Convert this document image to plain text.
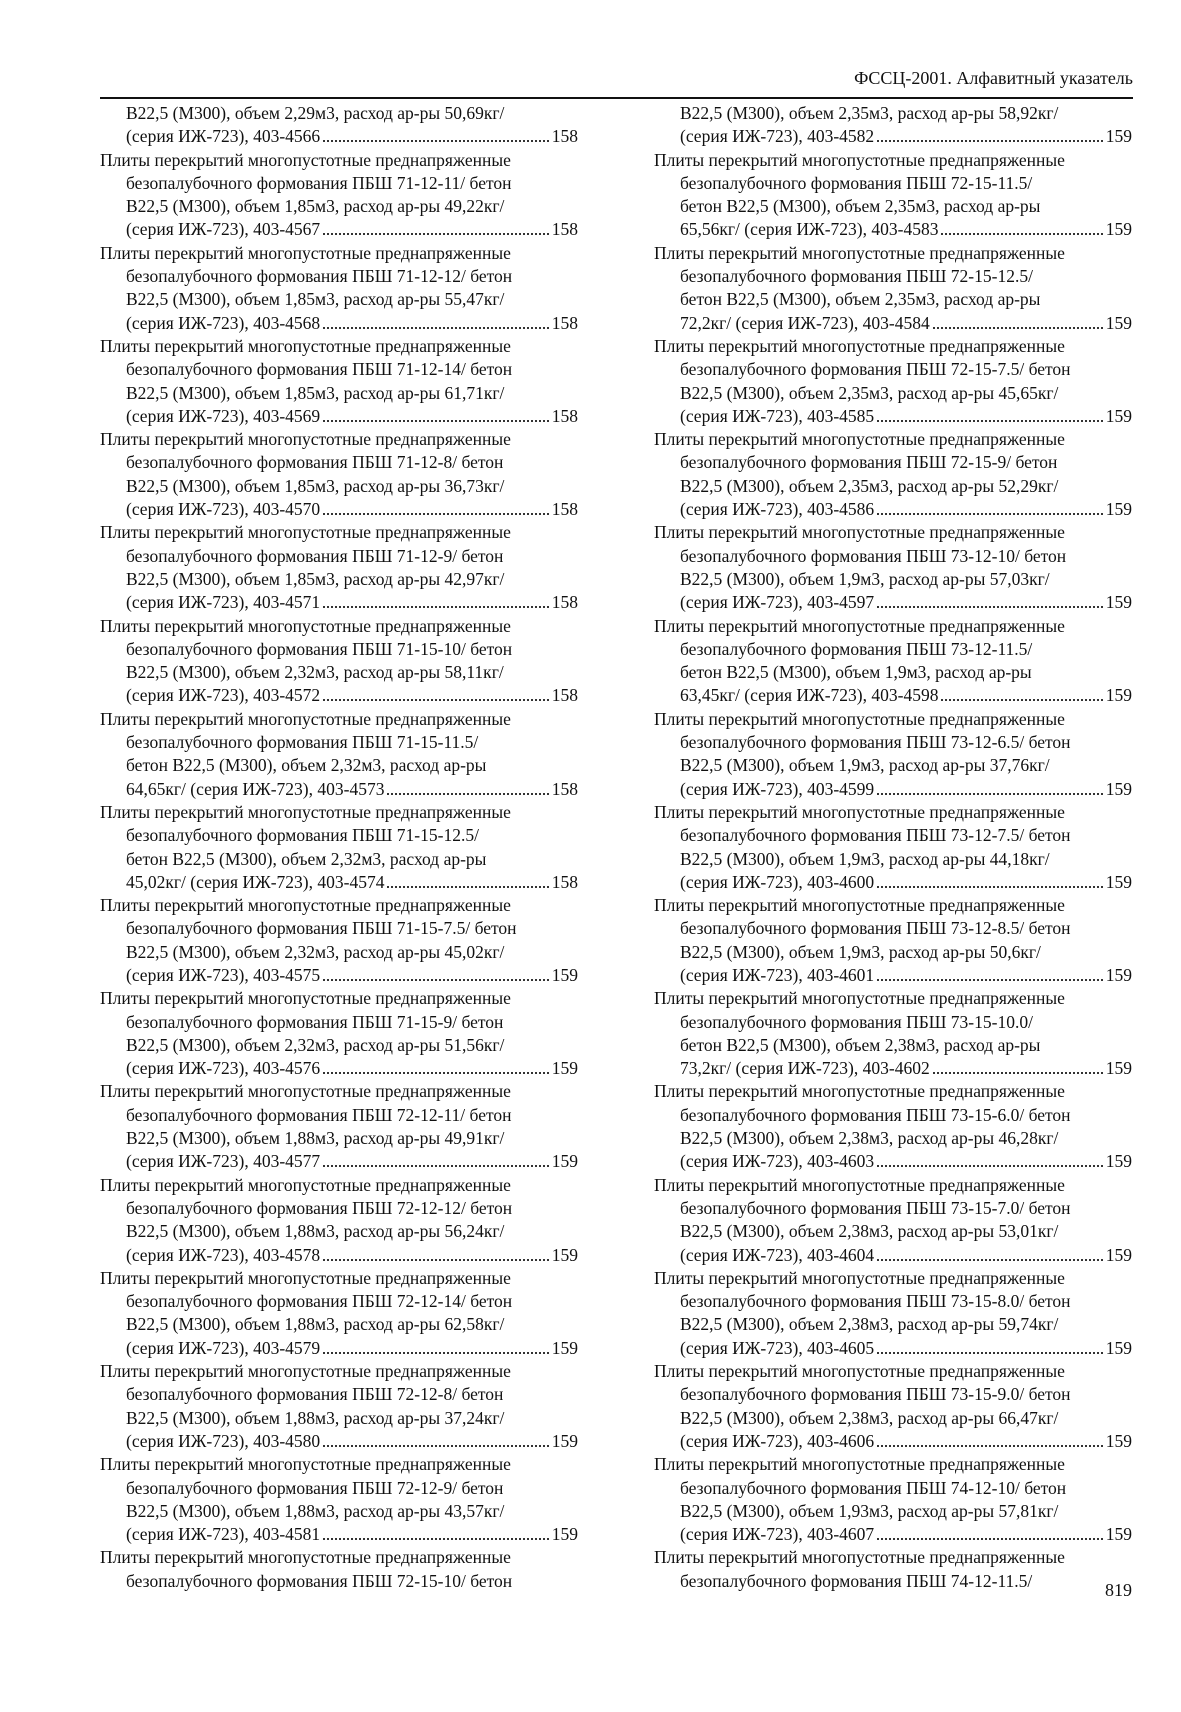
ФССЦ-2001. Алфавитный указатель
В22,5 (М300), объем 2,29м3, расход ар-ры 50,69кг/
(серия ИЖ-723), 403-4566	158
Плиты перекрытий многопустотные преднапряженные
безопалубочного формования ПБШ 71-12-11/ бетон
В22,5 (М300), объем 1,85м3, расход ар-ры 49,22кг/
(серия ИЖ-723), 403-4567	158
Плиты перекрытий многопустотные преднапряженные
безопалубочного формования ПБШ 71-12-12/ бетон
В22,5 (М300), объем 1,85м3, расход ар-ры 55,47кг/
(серия ИЖ-723), 403-4568	158
Плиты перекрытий многопустотные преднапряженные
безопалубочного формования ПБШ 71-12-14/ бетон
В22,5 (М300), объем 1,85м3, расход ар-ры 61,71кг/
(серия ИЖ-723), 403-4569	158
Плиты перекрытий многопустотные преднапряженные
безопалубочного формования ПБШ 71-12-8/ бетон
В22,5 (М300), объем 1,85м3, расход ар-ры 36,73кг/
(серия ИЖ-723), 403-4570	158
Плиты перекрытий многопустотные преднапряженные
безопалубочного формования ПБШ 71-12-9/ бетон
В22,5 (М300), объем 1,85м3, расход ар-ры 42,97кг/
(серия ИЖ-723), 403-4571	158
Плиты перекрытий многопустотные преднапряженные
безопалубочного формования ПБШ 71-15-10/ бетон
В22,5 (М300), объем 2,32м3, расход ар-ры 58,11кг/
(серия ИЖ-723), 403-4572	158
Плиты перекрытий многопустотные преднапряженные
безопалубочного формования ПБШ 71-15-11.5/
бетон В22,5 (М300), объем 2,32м3, расход ар-ры
64,65кг/ (серия ИЖ-723), 403-4573	158
Плиты перекрытий многопустотные преднапряженные
безопалубочного формования ПБШ 71-15-12.5/
бетон В22,5 (М300), объем 2,32м3, расход ар-ры
45,02кг/ (серия ИЖ-723), 403-4574	158
Плиты перекрытий многопустотные преднапряженные
безопалубочного формования ПБШ 71-15-7.5/ бетон
В22,5 (М300), объем 2,32м3, расход ар-ры 45,02кг/
(серия ИЖ-723), 403-4575	159
Плиты перекрытий многопустотные преднапряженные
безопалубочного формования ПБШ 71-15-9/ бетон
В22,5 (М300), объем 2,32м3, расход ар-ры 51,56кг/
(серия ИЖ-723), 403-4576	159
Плиты перекрытий многопустотные преднапряженные
безопалубочного формования ПБШ 72-12-11/ бетон
В22,5 (М300), объем 1,88м3, расход ар-ры 49,91кг/
(серия ИЖ-723), 403-4577	159
Плиты перекрытий многопустотные преднапряженные
безопалубочного формования ПБШ 72-12-12/ бетон
В22,5 (М300), объем 1,88м3, расход ар-ры 56,24кг/
(серия ИЖ-723), 403-4578	159
Плиты перекрытий многопустотные преднапряженные
безопалубочного формования ПБШ 72-12-14/ бетон
В22,5 (М300), объем 1,88м3, расход ар-ры 62,58кг/
(серия ИЖ-723), 403-4579	159
Плиты перекрытий многопустотные преднапряженные
безопалубочного формования ПБШ 72-12-8/ бетон
В22,5 (М300), объем 1,88м3, расход ар-ры 37,24кг/
(серия ИЖ-723), 403-4580	159
Плиты перекрытий многопустотные преднапряженные
безопалубочного формования ПБШ 72-12-9/ бетон
В22,5 (М300), объем 1,88м3, расход ар-ры 43,57кг/
(серия ИЖ-723), 403-4581	159
Плиты перекрытий многопустотные преднапряженные
безопалубочного формования ПБШ 72-15-10/ бетон
В22,5 (М300), объем 2,35м3, расход ар-ры 58,92кг/
(серия ИЖ-723), 403-4582	159
Плиты перекрытий многопустотные преднапряженные
безопалубочного формования ПБШ 72-15-11.5/
бетон В22,5 (М300), объем 2,35м3, расход ар-ры
65,56кг/ (серия ИЖ-723), 403-4583	159
Плиты перекрытий многопустотные преднапряженные
безопалубочного формования ПБШ 72-15-12.5/
бетон В22,5 (М300), объем 2,35м3, расход ар-ры
72,2кг/ (серия ИЖ-723), 403-4584	159
Плиты перекрытий многопустотные преднапряженные
безопалубочного формования ПБШ 72-15-7.5/ бетон
В22,5 (М300), объем 2,35м3, расход ар-ры 45,65кг/
(серия ИЖ-723), 403-4585	159
Плиты перекрытий многопустотные преднапряженные
безопалубочного формования ПБШ 72-15-9/ бетон
В22,5 (М300), объем 2,35м3, расход ар-ры 52,29кг/
(серия ИЖ-723), 403-4586	159
Плиты перекрытий многопустотные преднапряженные
безопалубочного формования ПБШ 73-12-10/ бетон
В22,5 (М300), объем 1,9м3, расход ар-ры 57,03кг/
(серия ИЖ-723), 403-4597	159
Плиты перекрытий многопустотные преднапряженные
безопалубочного формования ПБШ 73-12-11.5/
бетон В22,5 (М300), объем 1,9м3, расход ар-ры
63,45кг/ (серия ИЖ-723), 403-4598	159
Плиты перекрытий многопустотные преднапряженные
безопалубочного формования ПБШ 73-12-6.5/ бетон
В22,5 (М300), объем 1,9м3, расход ар-ры 37,76кг/
(серия ИЖ-723), 403-4599	159
Плиты перекрытий многопустотные преднапряженные
безопалубочного формования ПБШ 73-12-7.5/ бетон
В22,5 (М300), объем 1,9м3, расход ар-ры 44,18кг/
(серия ИЖ-723), 403-4600	159
Плиты перекрытий многопустотные преднапряженные
безопалубочного формования ПБШ 73-12-8.5/ бетон
В22,5 (М300), объем 1,9м3, расход ар-ры 50,6кг/
(серия ИЖ-723), 403-4601	159
Плиты перекрытий многопустотные преднапряженные
безопалубочного формования ПБШ 73-15-10.0/
бетон В22,5 (М300), объем 2,38м3, расход ар-ры
73,2кг/ (серия ИЖ-723), 403-4602	159
Плиты перекрытий многопустотные преднапряженные
безопалубочного формования ПБШ 73-15-6.0/ бетон
В22,5 (М300), объем 2,38м3, расход ар-ры 46,28кг/
(серия ИЖ-723), 403-4603	159
Плиты перекрытий многопустотные преднапряженные
безопалубочного формования ПБШ 73-15-7.0/ бетон
В22,5 (М300), объем 2,38м3, расход ар-ры 53,01кг/
(серия ИЖ-723), 403-4604	159
Плиты перекрытий многопустотные преднапряженные
безопалубочного формования ПБШ 73-15-8.0/ бетон
В22,5 (М300), объем 2,38м3, расход ар-ры 59,74кг/
(серия ИЖ-723), 403-4605	159
Плиты перекрытий многопустотные преднапряженные
безопалубочного формования ПБШ 73-15-9.0/ бетон
В22,5 (М300), объем 2,38м3, расход ар-ры 66,47кг/
(серия ИЖ-723), 403-4606	159
Плиты перекрытий многопустотные преднапряженные
безопалубочного формования ПБШ 74-12-10/ бетон
В22,5 (М300), объем 1,93м3, расход ар-ры 57,81кг/
(серия ИЖ-723), 403-4607	159
Плиты перекрытий многопустотные преднапряженные
безопалубочного формования ПБШ 74-12-11.5/	819
